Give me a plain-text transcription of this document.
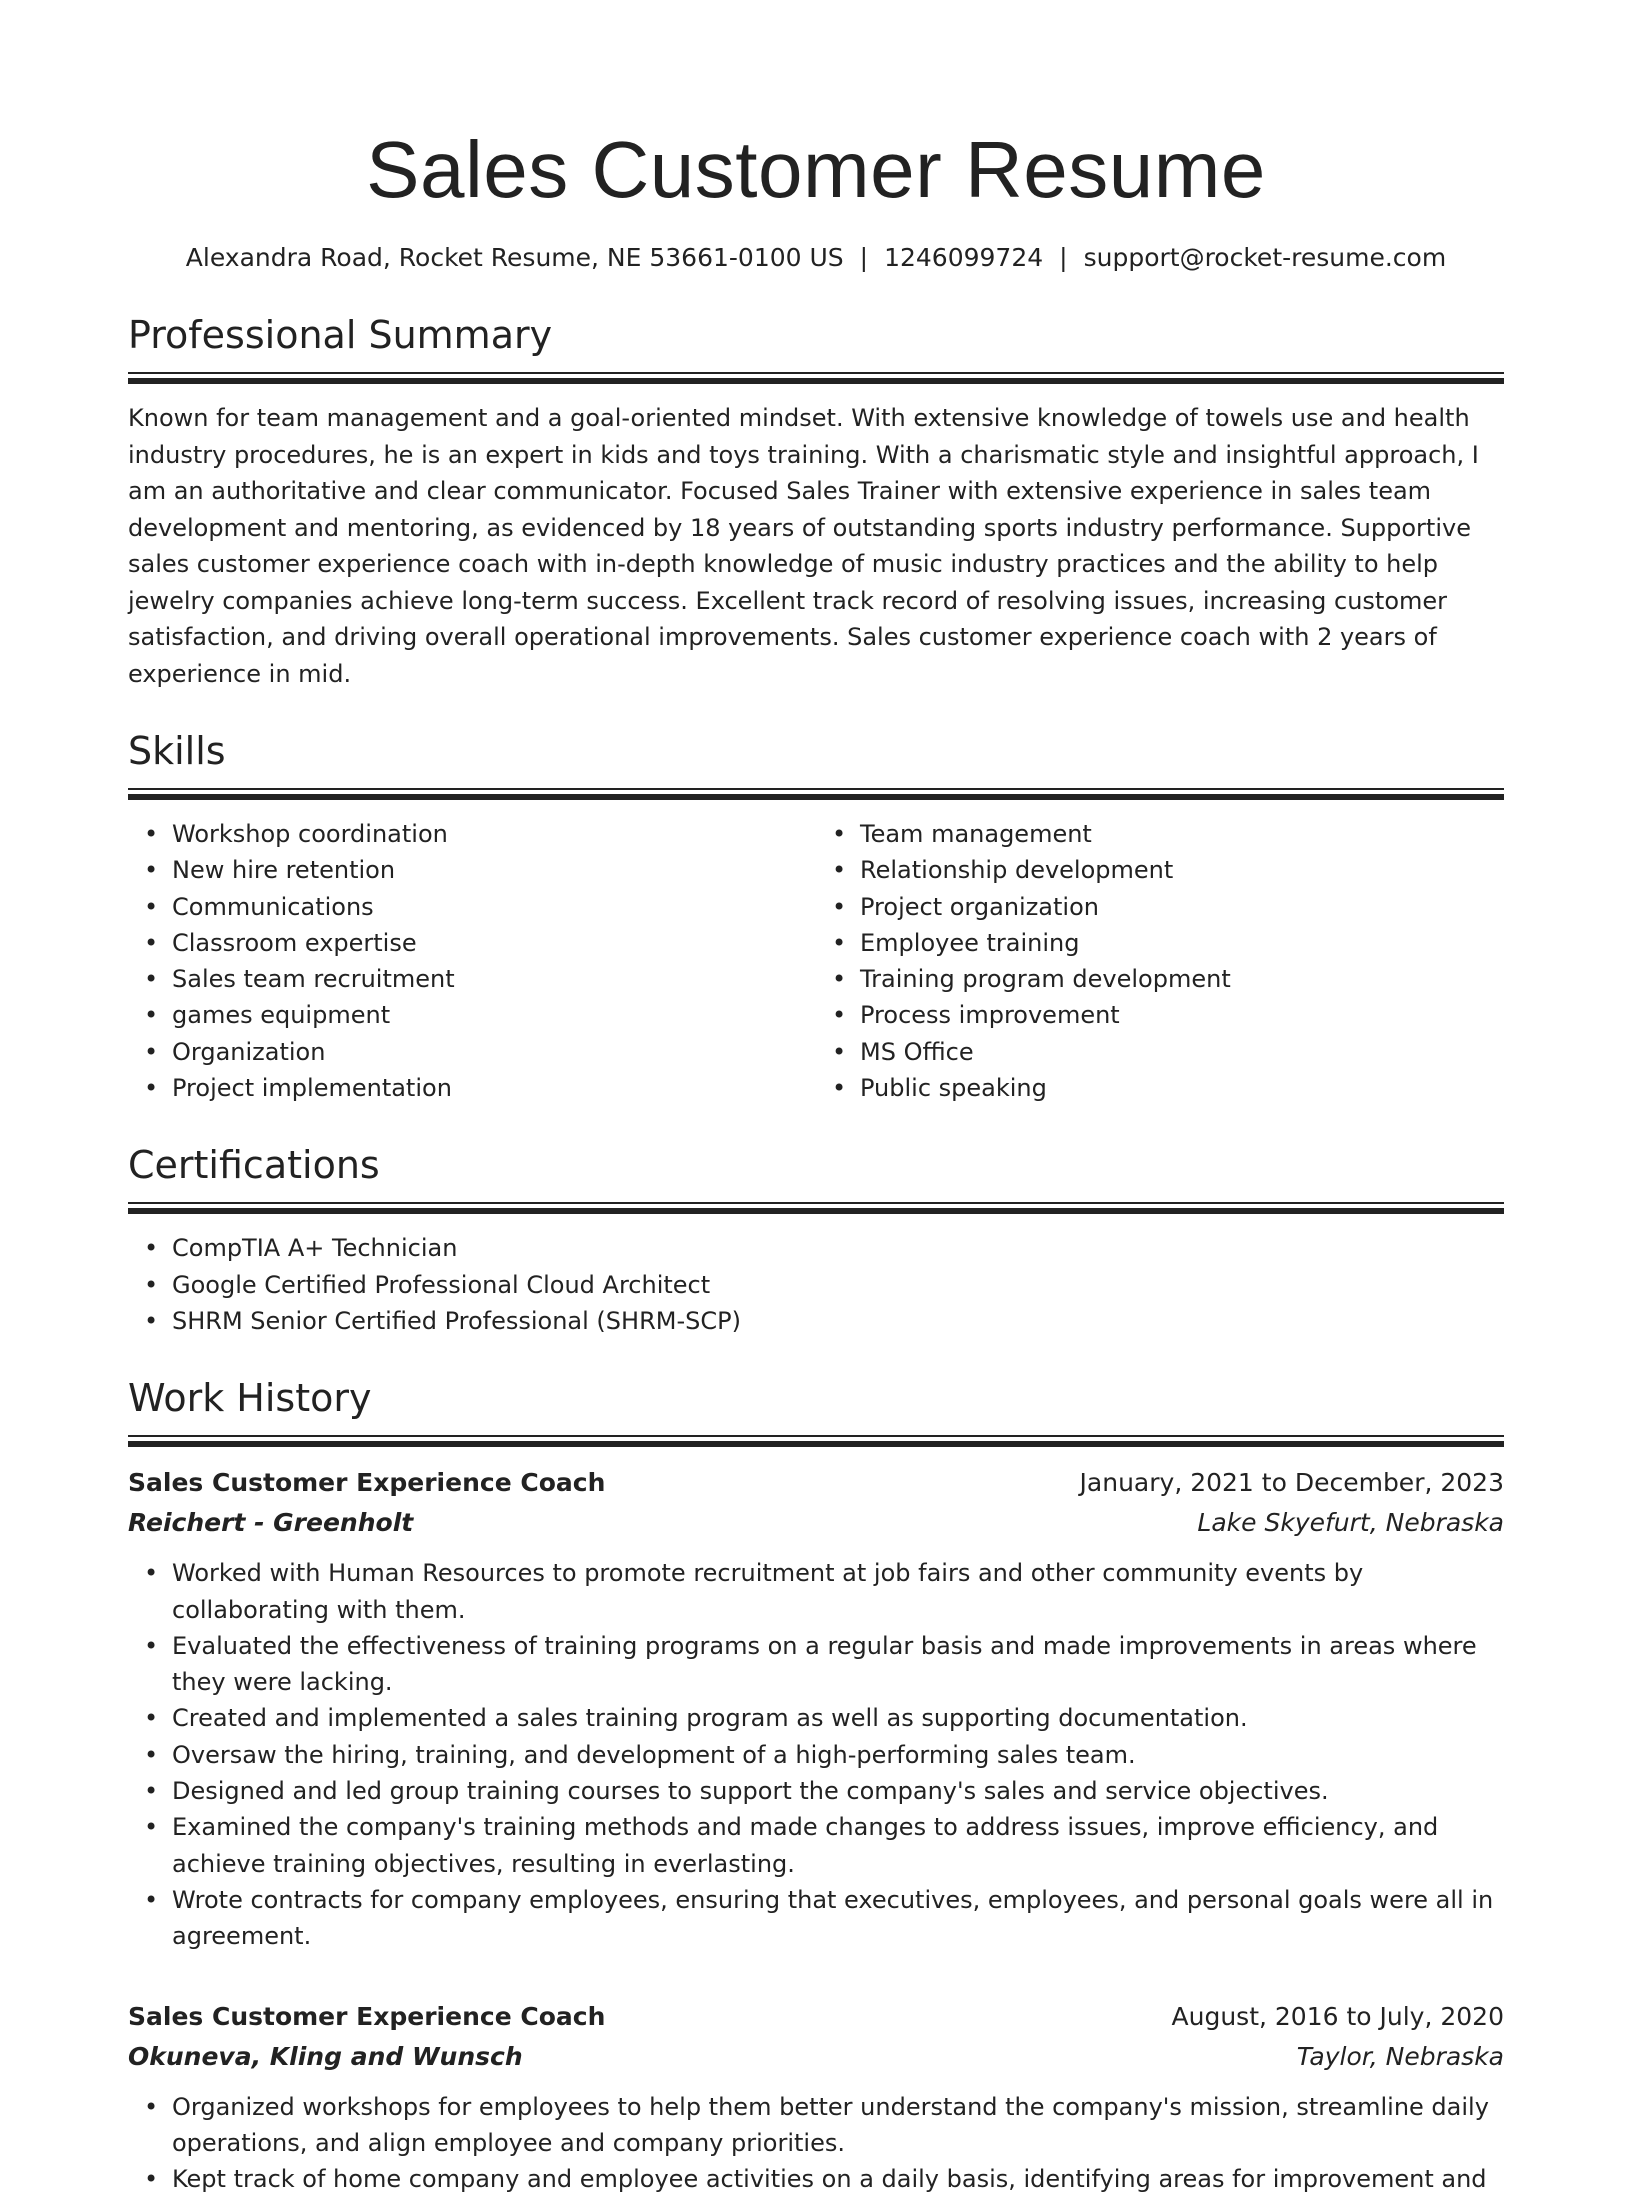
Sales Customer Resume
Alexandra Road, Rocket Resume, NE 53661-0100 US | 1246099724 | support@rocket-resume.com
Professional Summary

Known for team management and a goal-oriented mindset. With extensive knowledge of towels use and health industry procedures, he is an expert in kids and toys training. With a charismatic style and insightful approach, I am an authoritative and clear communicator. Focused Sales Trainer with extensive experience in sales team development and mentoring, as evidenced by 18 years of outstanding sports industry performance. Supportive sales customer experience coach with in-depth knowledge of music industry practices and the ability to help jewelry companies achieve long-term success. Excellent track record of resolving issues, increasing customer satisfaction, and driving overall operational improvements. Sales customer experience coach with 2 years of experience in mid.

Skills
• Workshop coordination
• New hire retention
• Communications
• Classroom expertise
• Sales team recruitment
• games equipment
• Organization
• Project implementation
• Team management
• Relationship development
• Project organization
• Employee training
• Training program development
• Process improvement
• MS Office
• Public speaking
Certifications
• CompTIA A+ Technician
• Google Certified Professional Cloud Architect
• SHRM Senior Certified Professional (SHRM-SCP)
Work History
Sales Customer Experience Coach	January, 2021 to December, 2023
Reichert - Greenholt	Lake Skyefurt, Nebraska
• Worked with Human Resources to promote recruitment at job fairs and other community events by collaborating with them.
• Evaluated the effectiveness of training programs on a regular basis and made improvements in areas where they were lacking.
• Created and implemented a sales training program as well as supporting documentation.
• Oversaw the hiring, training, and development of a high-performing sales team.
• Designed and led group training courses to support the company's sales and service objectives.
• Examined the company's training methods and made changes to address issues, improve efficiency, and achieve training objectives, resulting in everlasting.
• Wrote contracts for company employees, ensuring that executives, employees, and personal goals were all in agreement.
Sales Customer Experience Coach	August, 2016 to July, 2020
Okuneva, Kling and Wunsch	Taylor, Nebraska
• Organized workshops for employees to help them better understand the company's mission, streamline daily operations, and align employee and company priorities.
• Kept track of home company and employee activities on a daily basis, identifying areas for improvement and
